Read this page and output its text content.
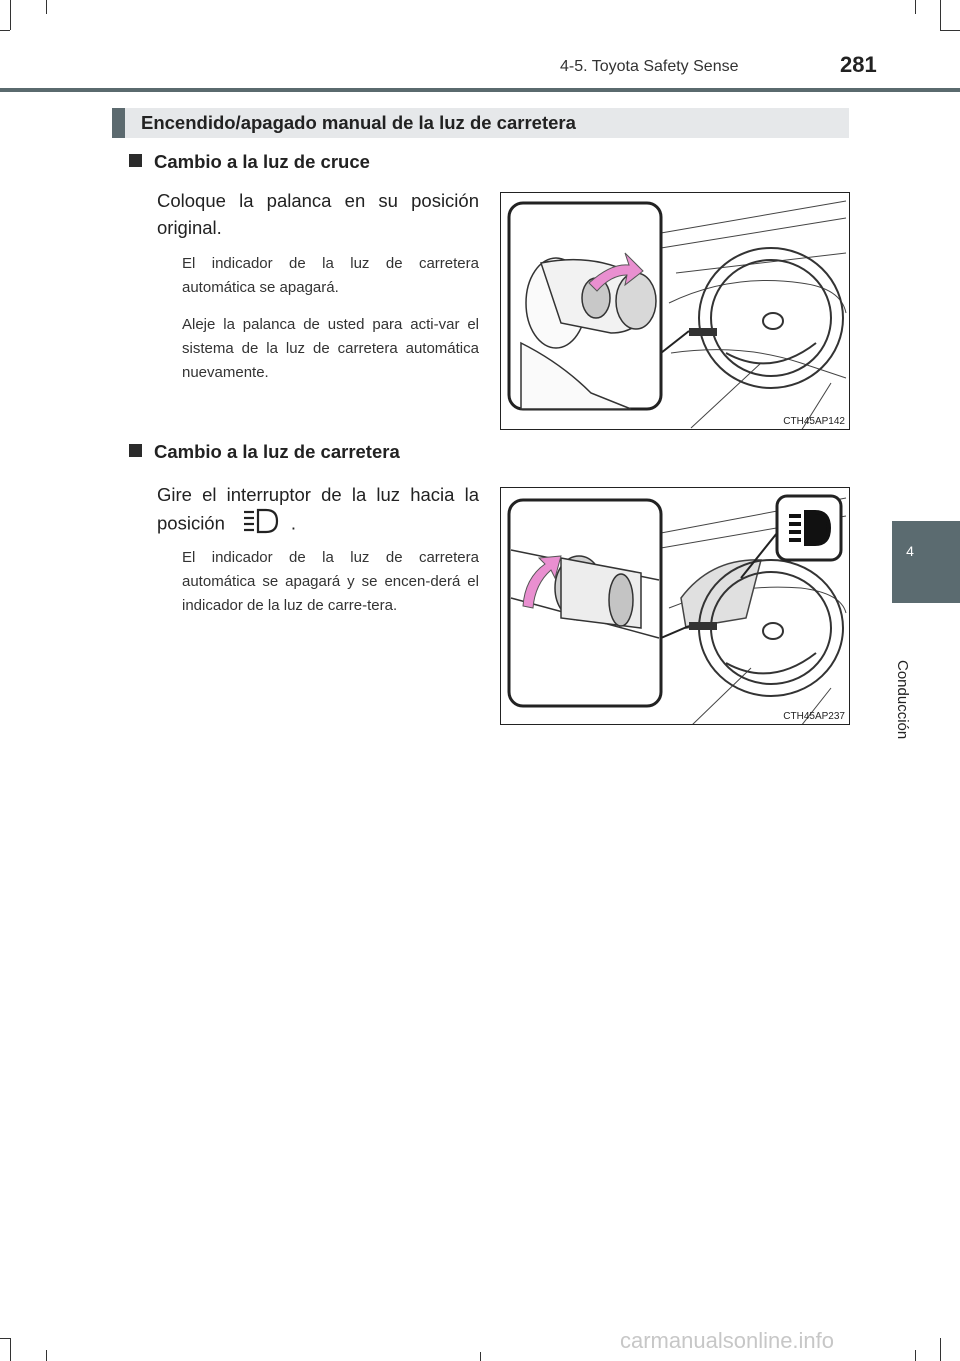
4-5. Toyota Safety Sense	281
4
Conducción
Encendido/apagado manual de la luz de carretera
Cambio a la luz de cruce
Coloque la palanca en su posición original.
El indicador de la luz de carretera automática se apagará.
Aleje la palanca de usted para acti-var el sistema de la luz de carretera automática nuevamente.
CTH45AP142
Cambio a la luz de carretera
Gire el interruptor de la luz hacia la posición	.
El indicador de la luz de carretera automática se apagará y se encen-derá el indicador de la luz de carre-tera.
CTH45AP237
carmanualsonline.info
